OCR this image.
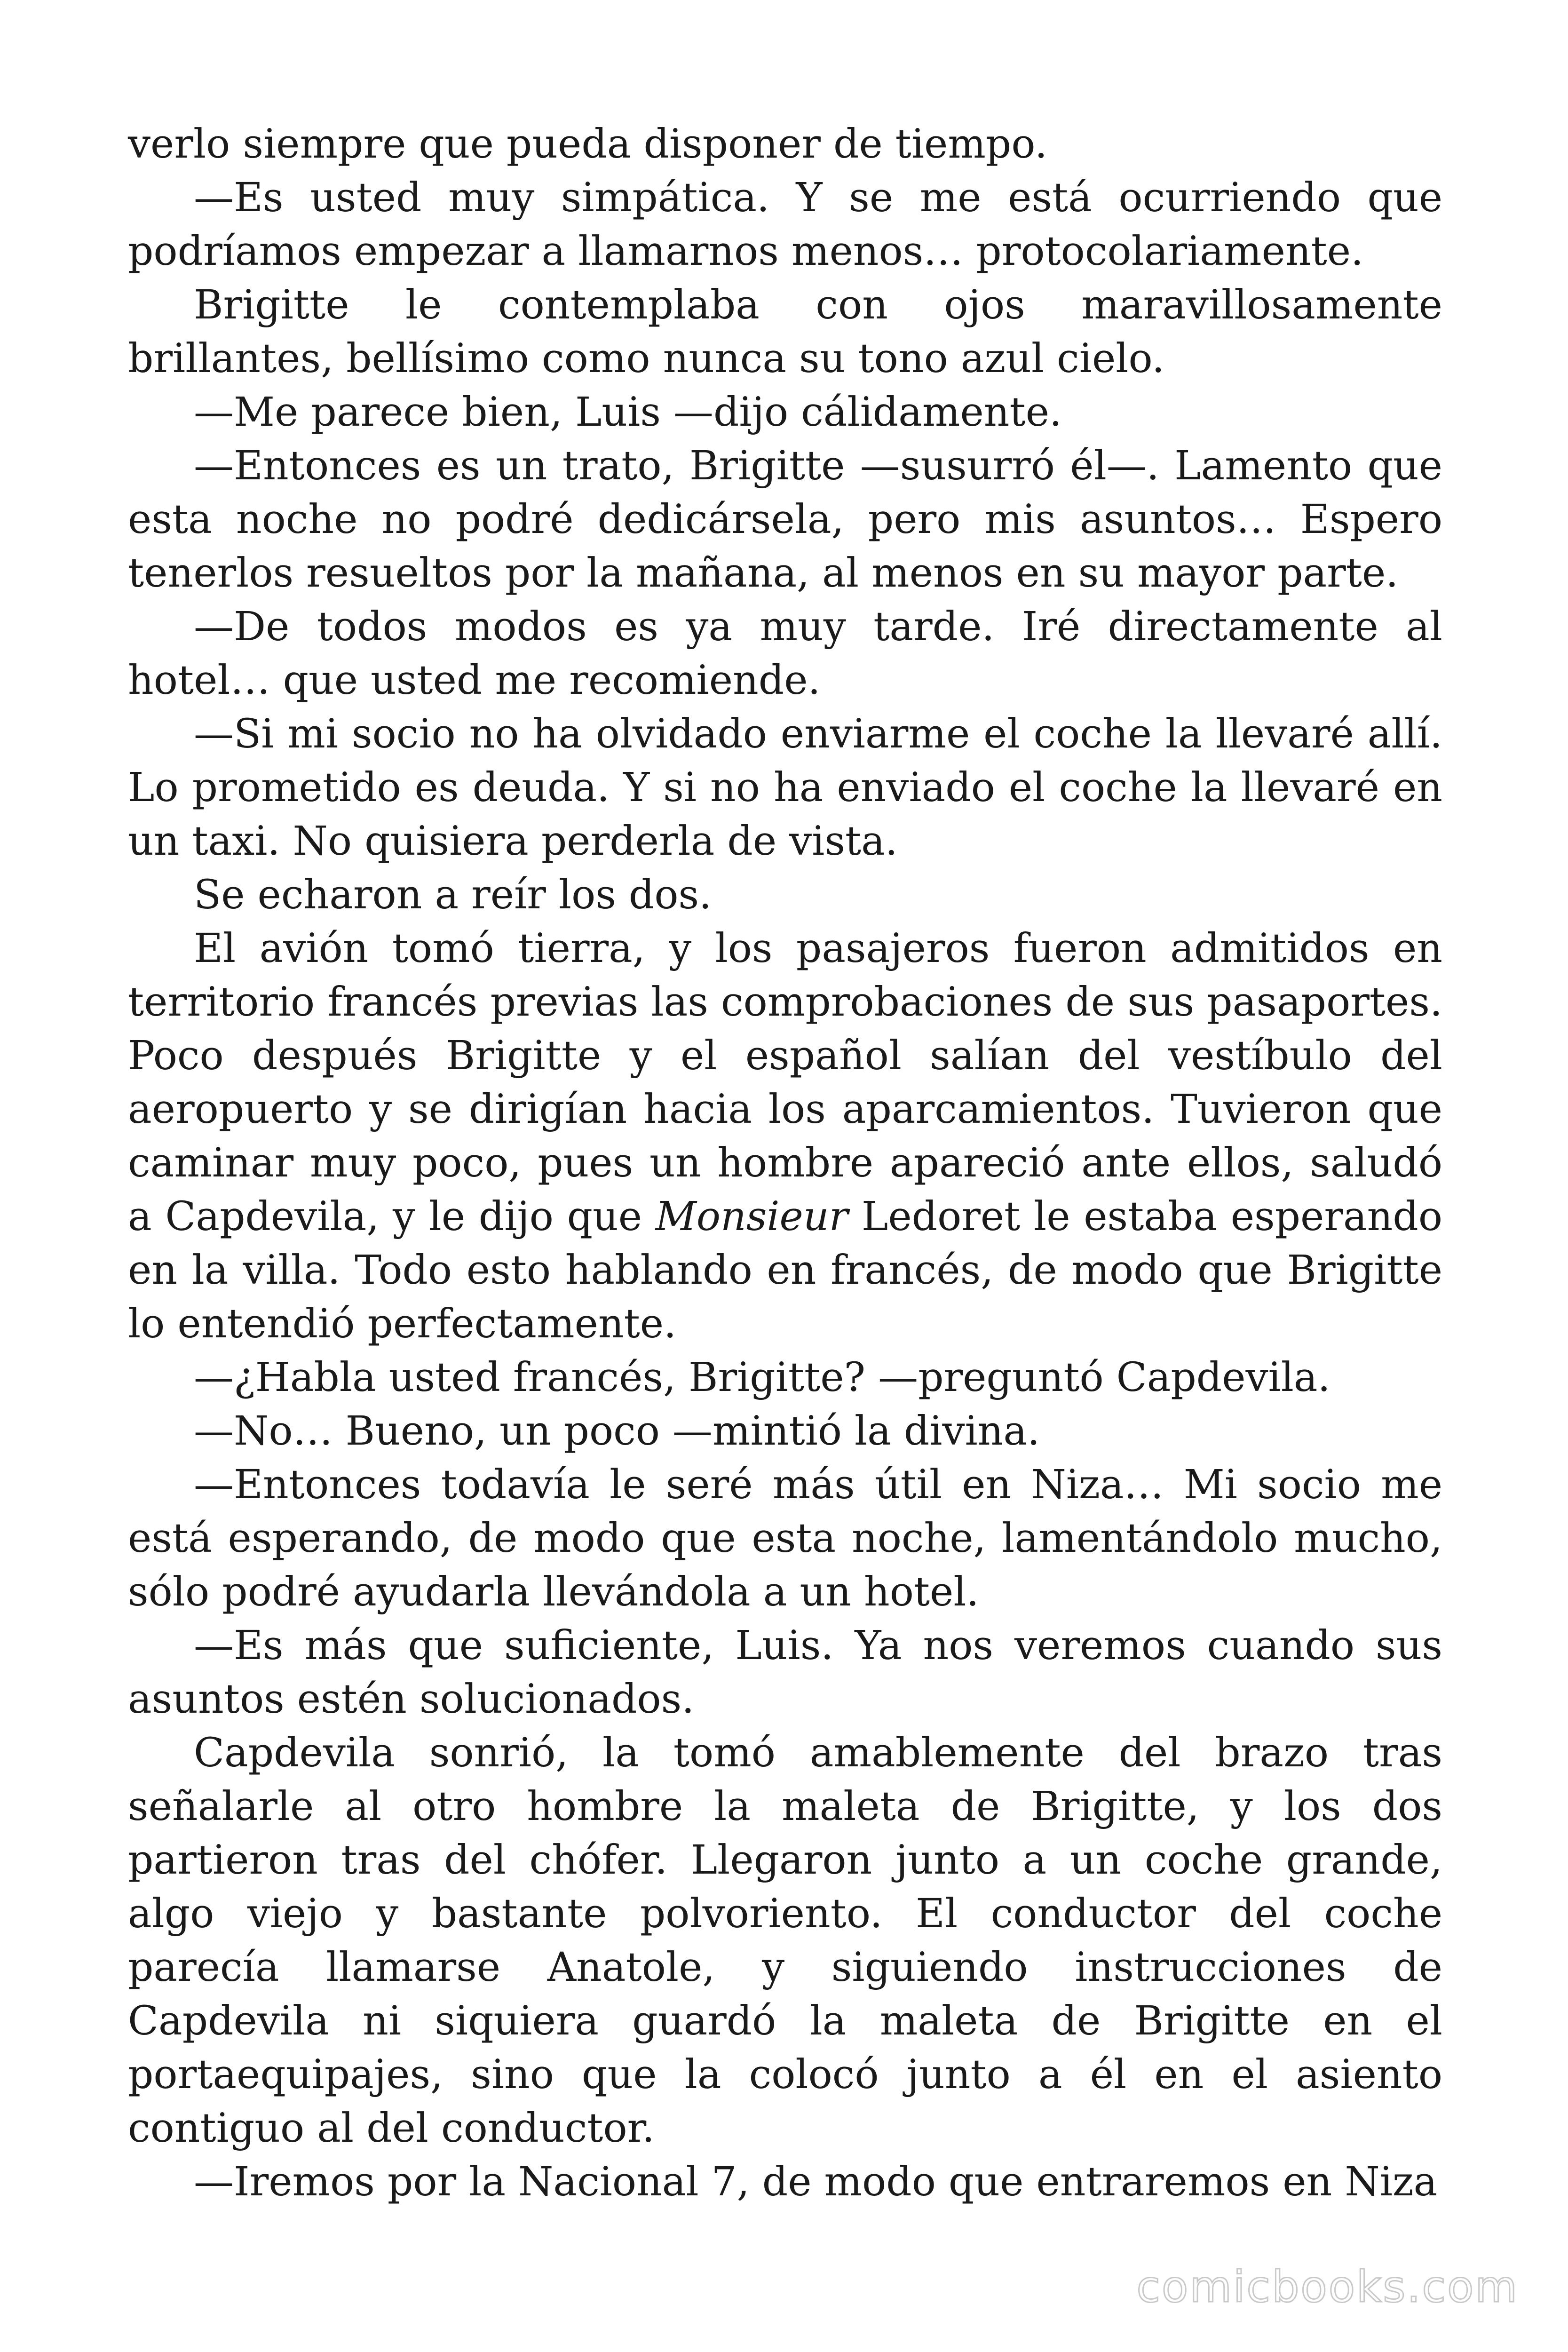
verlo siempre que pueda disponer de tiempo.

—Es usted muy simpática. Y se me está ocurriendo que podríamos empezar a llamarnos menos… protocolariamente.

Brigitte le contemplaba con ojos maravillosamente brillantes, bellísimo como nunca su tono azul cielo.

—Me parece bien, Luis —dijo cálidamente.

—Entonces es un trato, Brigitte —susurró él—. Lamento que esta noche no podré dedicársela, pero mis asuntos… Espero tenerlos resueltos por la mañana, al menos en su mayor parte.

—De todos modos es ya muy tarde. Iré directamente al hotel… que usted me recomiende.

—Si mi socio no ha olvidado enviarme el coche la llevaré allí. Lo prometido es deuda. Y si no ha enviado el coche la llevaré en un taxi. No quisiera perderla de vista.

Se echaron a reír los dos.

El avión tomó tierra, y los pasajeros fueron admitidos en territorio francés previas las comprobaciones de sus pasaportes. Poco después Brigitte y el español salían del vestíbulo del aeropuerto y se dirigían hacia los aparcamientos. Tuvieron que caminar muy poco, pues un hombre apareció ante ellos, saludó a Capdevila, y le dijo que Monsieur Ledoret le estaba esperando en la villa. Todo esto hablando en francés, de modo que Brigitte lo entendió perfectamente.

—¿Habla usted francés, Brigitte? —preguntó Capdevila.

—No… Bueno, un poco —mintió la divina.

—Entonces todavía le seré más útil en Niza… Mi socio me está esperando, de modo que esta noche, lamentándolo mucho, sólo podré ayudarla llevándola a un hotel.

—Es más que suficiente, Luis. Ya nos veremos cuando sus asuntos estén solucionados.

Capdevila sonrió, la tomó amablemente del brazo tras señalarle al otro hombre la maleta de Brigitte, y los dos partieron tras del chófer. Llegaron junto a un coche grande, algo viejo y bastante polvoriento. El conductor del coche parecía llamarse Anatole, y siguiendo instrucciones de Capdevila ni siquiera guardó la maleta de Brigitte en el portaequipajes, sino que la colocó junto a él en el asiento contiguo al del conductor.

—Iremos por la Nacional 7, de modo que entraremos en Niza

comicbooks.com
